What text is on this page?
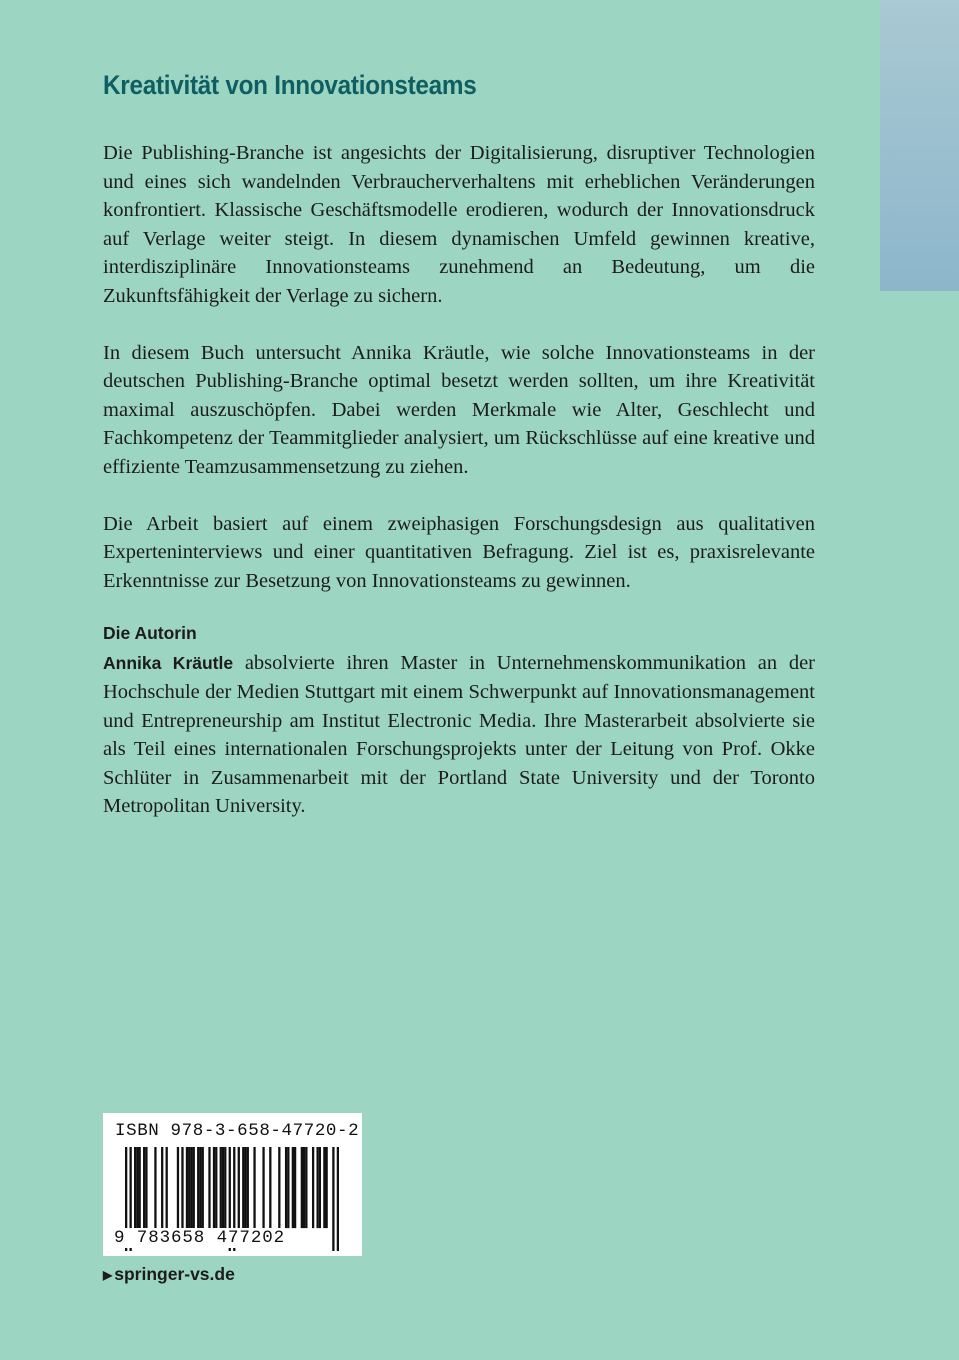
Kreativität von Innovationsteams

Die Publishing-Branche ist angesichts der Digitalisierung, disruptiver Technologien und eines sich wandelnden Verbraucherverhaltens mit erheblichen Veränderungen konfrontiert. Klassische Geschäftsmodelle erodieren, wodurch der Innovationsdruck auf Verlage weiter steigt. In diesem dynamischen Umfeld gewinnen kreative, interdisziplinäre Innovationsteams zunehmend an Bedeutung, um die Zukunftsfähigkeit der Verlage zu sichern.

In diesem Buch untersucht Annika Kräutle, wie solche Innovationsteams in der deutschen Publishing-Branche optimal besetzt werden sollten, um ihre Kreativität maximal auszuschöpfen. Dabei werden Merkmale wie Alter, Geschlecht und Fachkompetenz der Teammitglieder analysiert, um Rückschlüsse auf eine kreative und effiziente Teamzusammensetzung zu ziehen.

Die Arbeit basiert auf einem zweiphasigen Forschungsdesign aus qualitativen Experteninterviews und einer quantitativen Befragung. Ziel ist es, praxisrelevante Erkenntnisse zur Besetzung von Innovationsteams zu gewinnen.

Die Autorin

Annika Kräutle absolvierte ihren Master in Unternehmenskommunikation an der Hochschule der Medien Stuttgart mit einem Schwerpunkt auf Innovationsmanagement und Entrepreneurship am Institut Electronic Media. Ihre Masterarbeit absolvierte sie als Teil eines internationalen Forschungsprojekts unter der Leitung von Prof. Okke Schlüter in Zusammenarbeit mit der Portland State University und der Toronto Metropolitan University.

ISBN 978-3-658-47720-2
9 783658 477202
▶ springer-vs.de
